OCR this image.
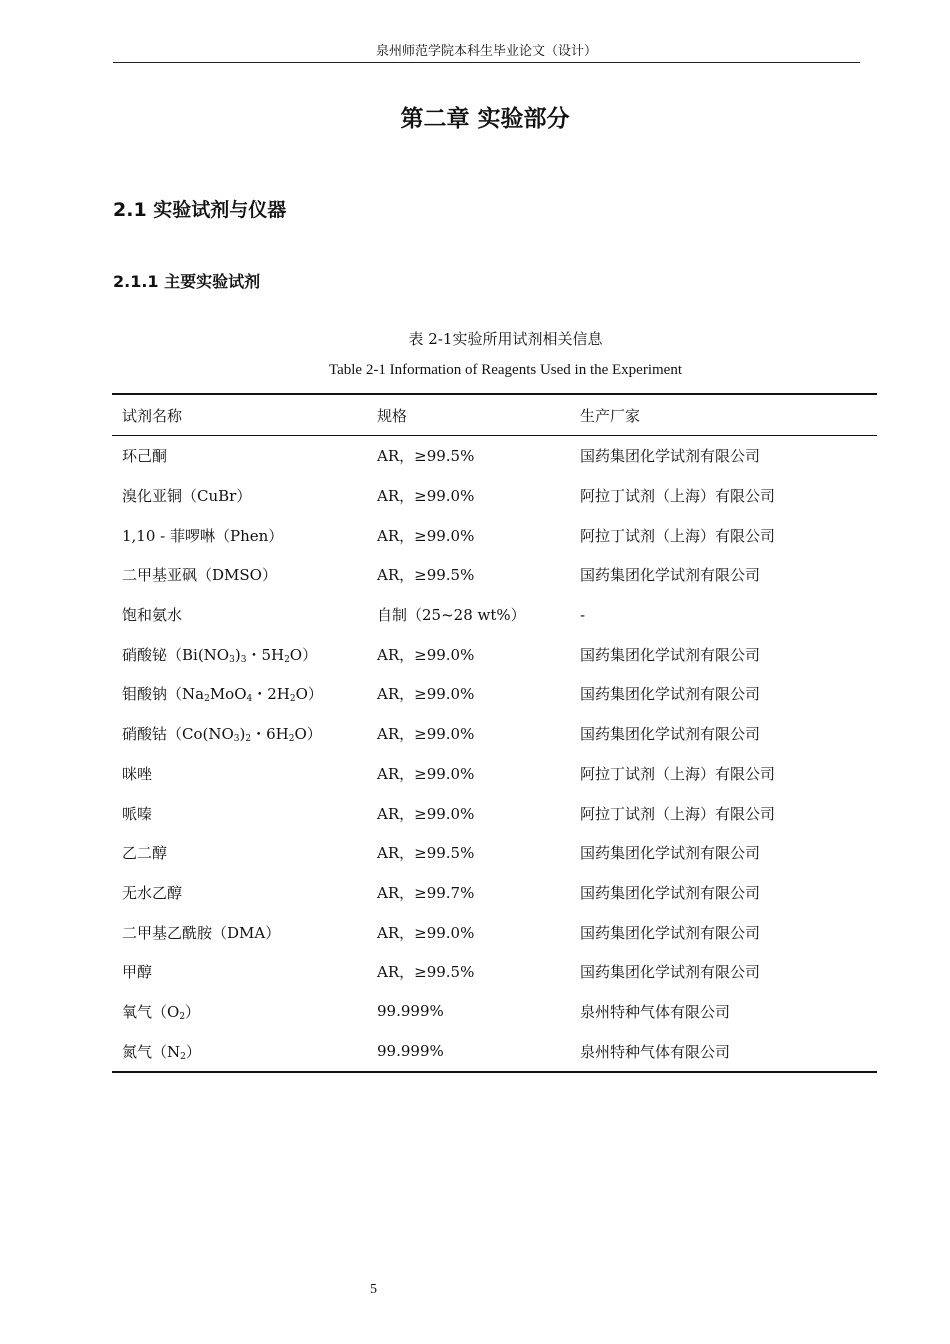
泉州师范学院本科生毕业论文（设计）
第二章 实验部分
2.1 实验试剂与仪器
2.1.1 主要实验试剂
表 2-1实验所用试剂相关信息
Table 2-1 Information of Reagents Used in the Experiment
试剂名称	规格	生产厂家
环己酮	AR，≥99.5%	国药集团化学试剂有限公司
溴化亚铜（CuBr）	AR，≥99.0%	阿拉丁试剂（上海）有限公司
1,10 - 菲啰啉（Phen）	AR，≥99.0%	阿拉丁试剂（上海）有限公司
二甲基亚砜（DMSO）	AR，≥99.5%	国药集团化学试剂有限公司
饱和氨水	自制（25~28 wt%）	-
硝酸铋（$Bi(NO_3)_3$・$5H_2O$）	AR，≥99.0%	国药集团化学试剂有限公司
钼酸钠（$Na_2MoO_4$・$2H_2O$）	AR，≥99.0%	国药集团化学试剂有限公司
硝酸钴（$Co(NO_3)_2$・$6H_2O$）	AR，≥99.0%	国药集团化学试剂有限公司
咪唑	AR，≥99.0%	阿拉丁试剂（上海）有限公司
哌嗪	AR，≥99.0%	阿拉丁试剂（上海）有限公司
乙二醇	AR，≥99.5%	国药集团化学试剂有限公司
无水乙醇	AR，≥99.7%	国药集团化学试剂有限公司
二甲基乙酰胺（DMA）	AR，≥99.0%	国药集团化学试剂有限公司
甲醇	AR，≥99.5%	国药集团化学试剂有限公司
氧气$(O_2)$	99.999%	泉州特种气体有限公司
氮气$(N_2)$	99.999%	泉州特种气体有限公司
5
